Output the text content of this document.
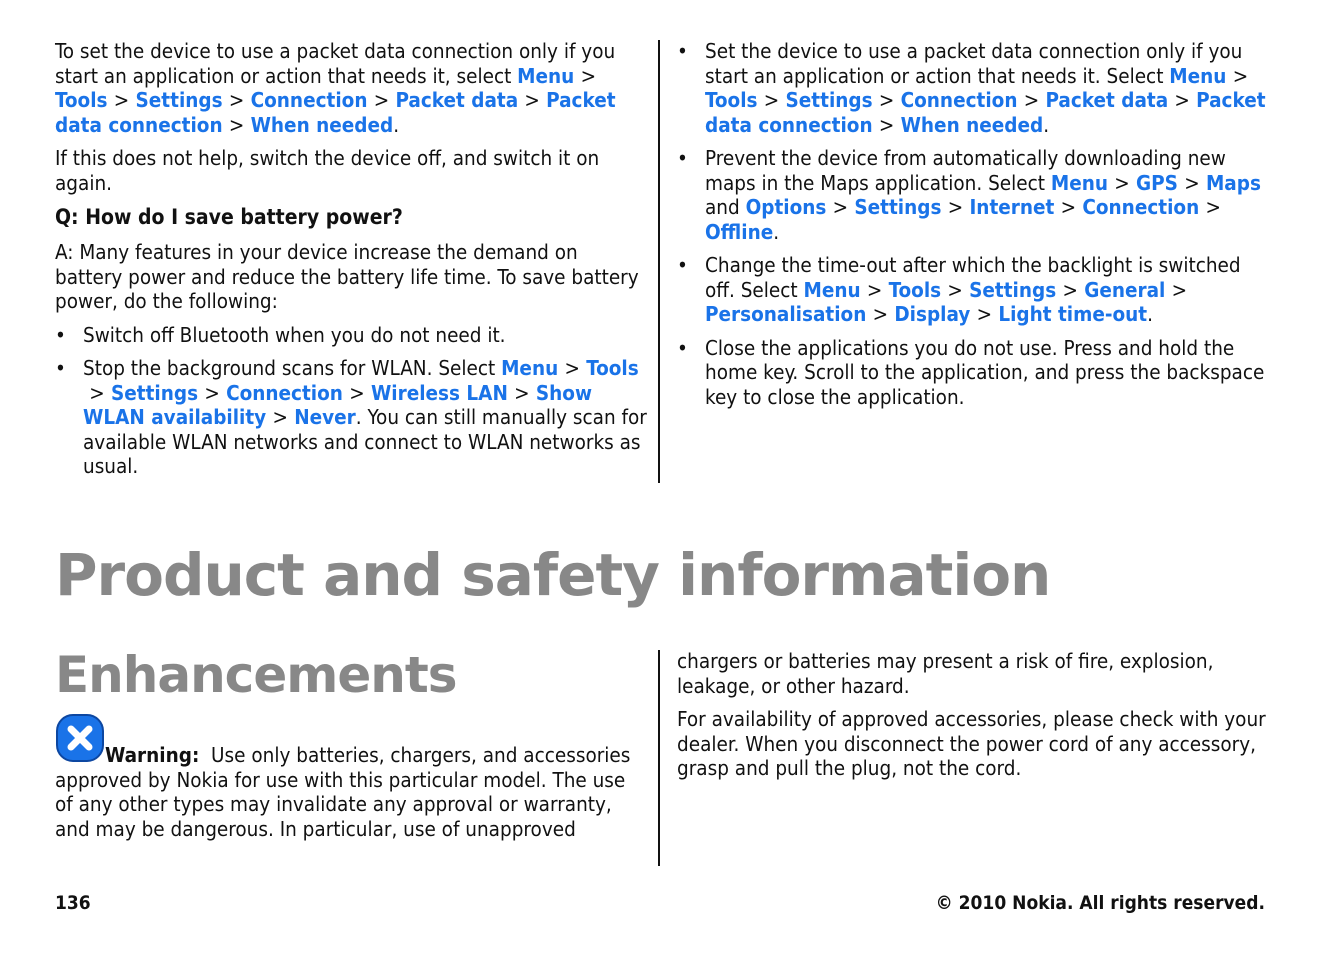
To set the device to use a packet data connection only if you start an application or action that needs it, select Menu >Tools > Settings > Connection > Packet data > Packet data connection > When needed.

If this does not help, switch the device off, and switch it on again.

Q: How do I save battery power?

A: Many features in your device increase the demand on battery power and reduce the battery life time. To save battery power, do the following:

• Switch off Bluetooth when you do not need it.
• Stop the background scans for WLAN. Select Menu > Tools> Settings > Connection > Wireless LAN > Show WLAN availability > Never. You can still manually scan for available WLAN networks and connect to WLAN networks as usual.
• Set the device to use a packet data connection only if you start an application or action that needs it. Select Menu >Tools > Settings > Connection > Packet data > Packet data connection > When needed.
• Prevent the device from automatically downloading new maps in the Maps application. Select Menu > GPS > Maps and Options > Settings > Internet > Connection >Offline.
• Change the time-out after which the backlight is switched off. Select Menu > Tools > Settings > General >Personalisation > Display > Light time-out.
• Close the applications you do not use. Press and hold the home key. Scroll to the application, and press the backspace key to close the application.
Product and safety information
Enhancements

Warning: Use only batteries, chargers, and accessories approved by Nokia for use with this particular model. The use of any other types may invalidate any approval or warranty, and may be dangerous. In particular, use of unapproved

chargers or batteries may present a risk of fire, explosion, leakage, or other hazard.

For availability of approved accessories, please check with your dealer. When you disconnect the power cord of any accessory, grasp and pull the plug, not the cord.

136	© 2010 Nokia. All rights reserved.
